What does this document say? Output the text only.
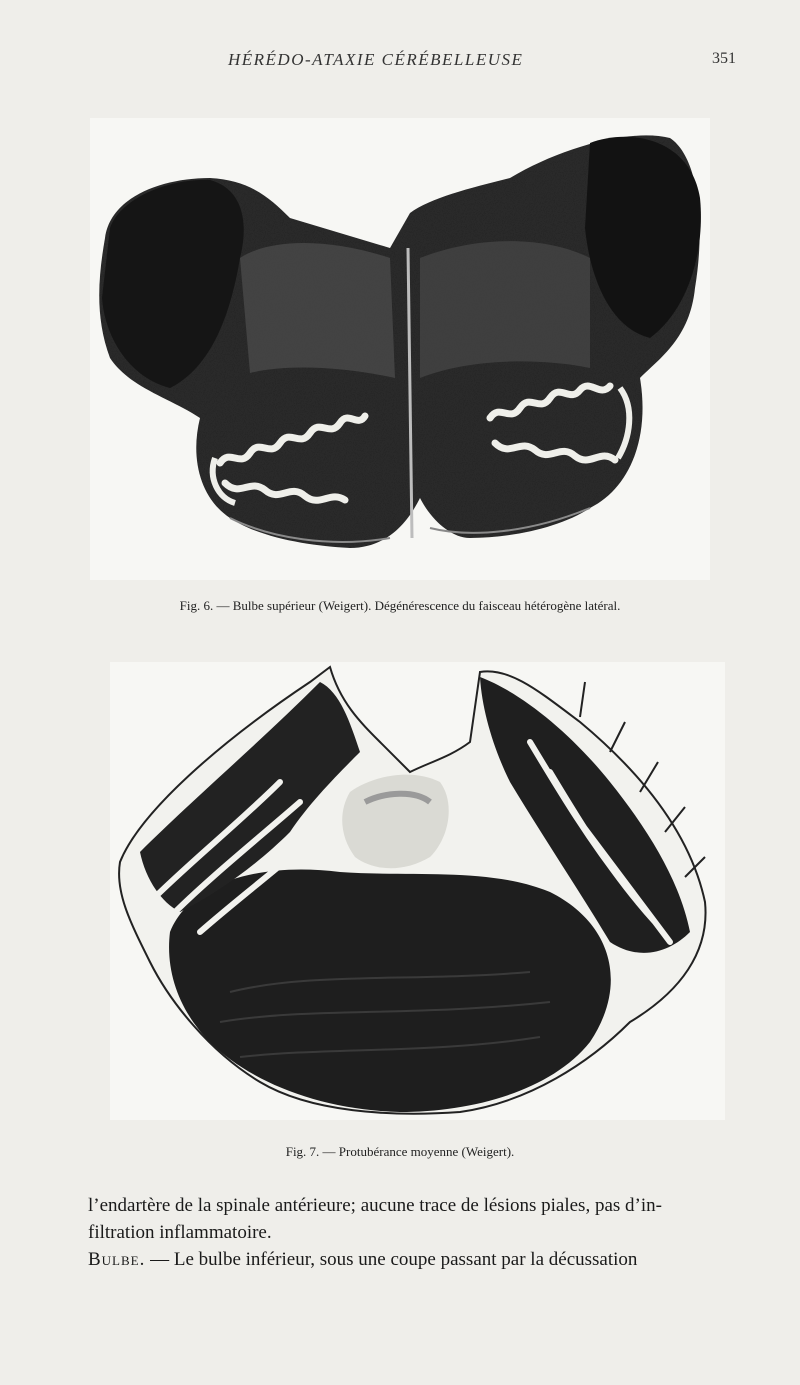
HÉRÉDO-ATAXIE CÉRÉBELLEUSE	351
Fig. 6. — Bulbe supérieur (Weigert). Dégénérescence du faisceau hétérogène latéral.
Fig. 7. — Protubérance moyenne (Weigert).

l’endartère de la spinale antérieure; aucune trace de lésions piales, pas d’in-

filtration inflammatoire.

Bulbe. — Le bulbe inférieur, sous une coupe passant par la décussation
